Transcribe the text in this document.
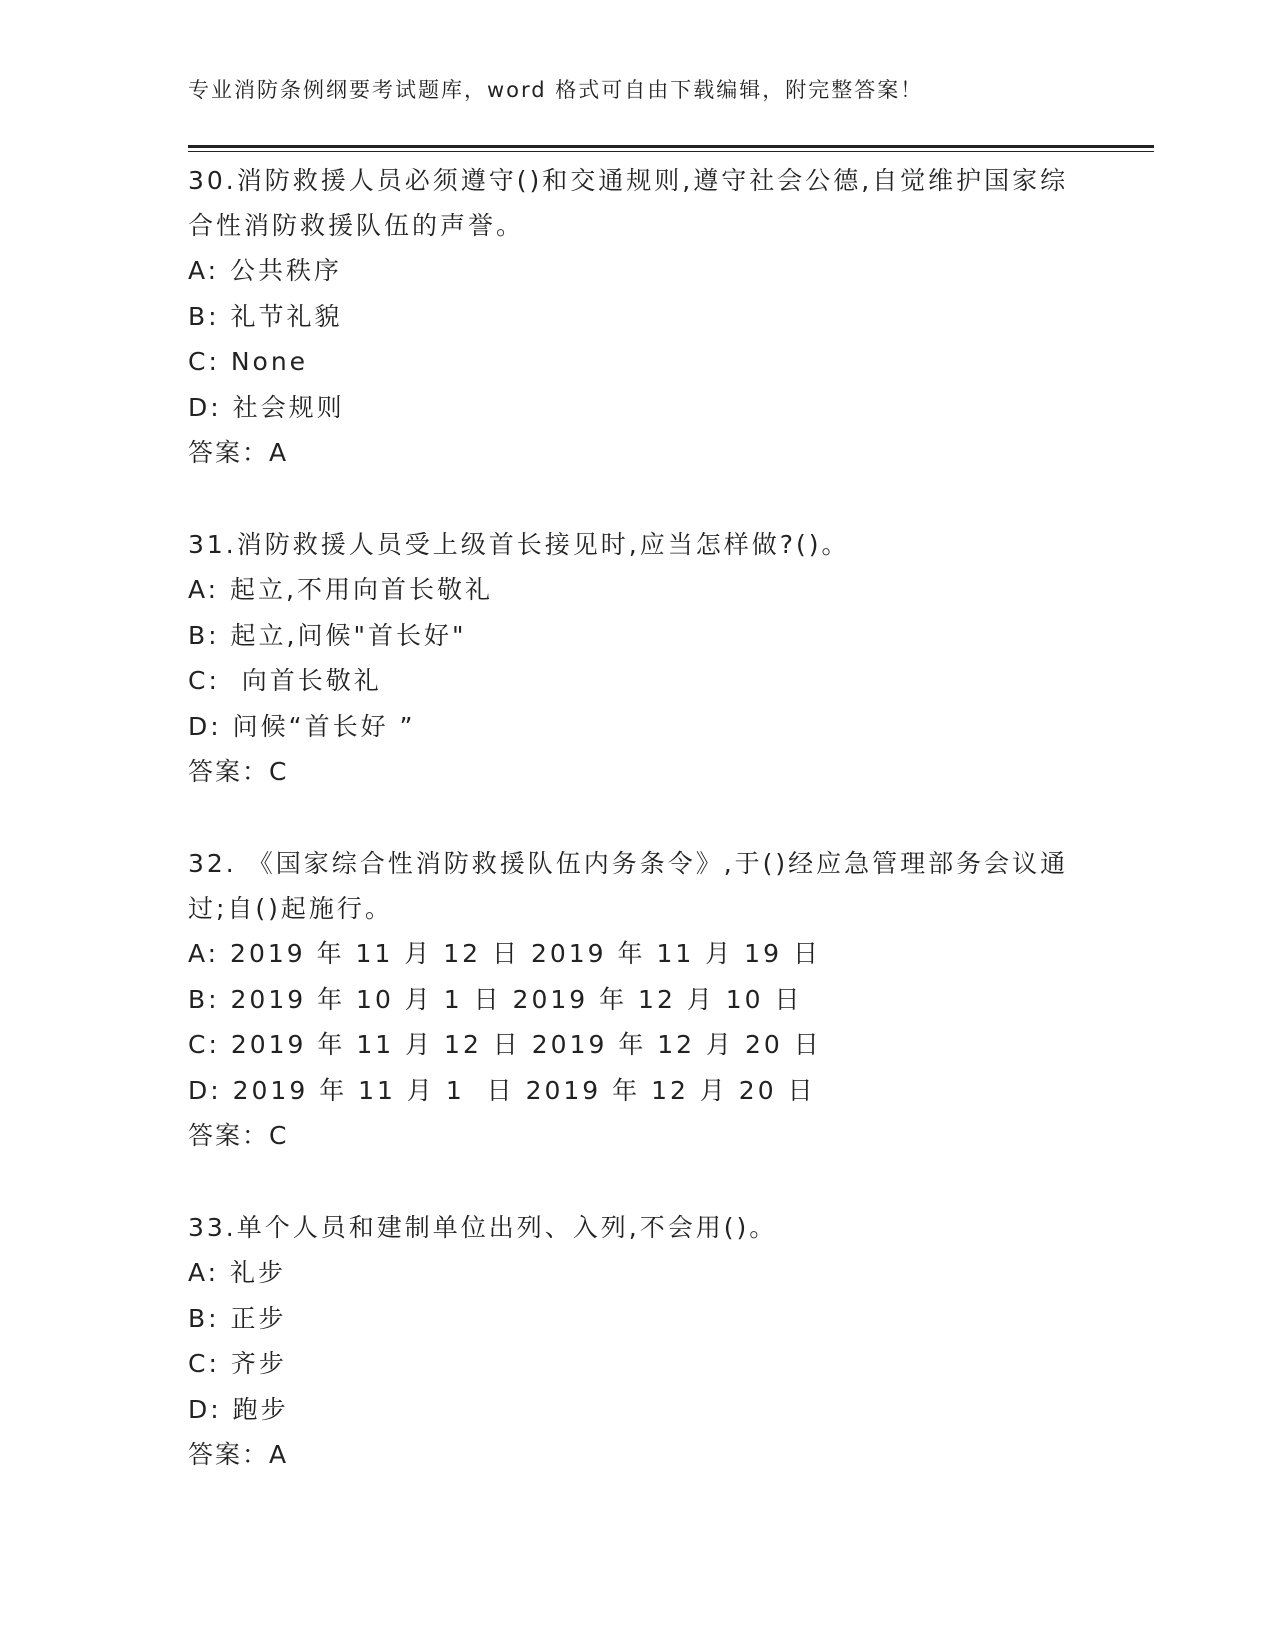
专业消防条例纲要考试题库，word 格式可自由下载编辑，附完整答案！

30.消防救援人员必须遵守()和交通规则,遵守社会公德,自觉维护国家综合性消防救援队伍的声誉。

A: 公共秩序

B: 礼节礼貌

C: None

D: 社会规则

答案：A

31.消防救援人员受上级首长接见时,应当怎样做?()。

A: 起立,不用向首长敬礼

B: 起立,问候"首长好"

C:  向首长敬礼

D: 问候“首长好 ”

答案：C

32. 《国家综合性消防救援队伍内务条令》,于()经应急管理部务会议通过;自()起施行。

A: 2019 年 11 月 12 日 2019 年 11 月 19 日

B: 2019 年 10 月 1 日 2019 年 12 月 10 日

C: 2019 年 11 月 12 日 2019 年 12 月 20 日

D: 2019 年 11 月 1  日 2019 年 12 月 20 日

答案：C

33.单个人员和建制单位出列、入列,不会用()。

A: 礼步

B: 正步

C: 齐步

D: 跑步

答案：A
